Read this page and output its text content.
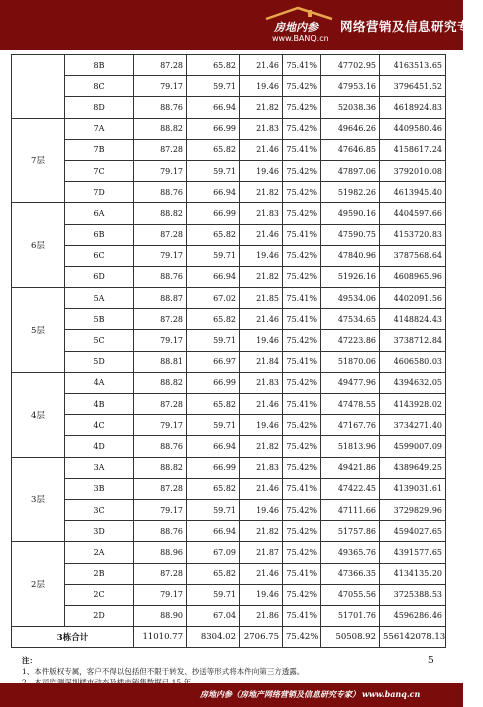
房地内参
www.BANQ.cn
网络营销及信息研究专家
	8B	87.28	65.82	21.46	75.41%	47702.95	4163513.65
	8C	79.17	59.71	19.46	75.42%	47953.16	3796451.52
	8D	88.76	66.94	21.82	75.42%	52038.36	4618924.83
7层	7A	88.82	66.99	21.83	75.42%	49646.26	4409580.46
	7B	87.28	65.82	21.46	75.41%	47646.85	4158617.24
	7C	79.17	59.71	19.46	75.42%	47897.06	3792010.08
	7D	88.76	66.94	21.82	75.42%	51982.26	4613945.40
6层	6A	88.82	66.99	21.83	75.42%	49590.16	4404597.66
	6B	87.28	65.82	21.46	75.41%	47590.75	4153720.83
	6C	79.17	59.71	19.46	75.42%	47840.96	3787568.64
	6D	88.76	66.94	21.82	75.42%	51926.16	4608965.96
5层	5A	88.87	67.02	21.85	75.41%	49534.06	4402091.56
	5B	87.28	65.82	21.46	75.41%	47534.65	4148824.43
	5C	79.17	59.71	19.46	75.42%	47223.86	3738712.84
	5D	88.81	66.97	21.84	75.41%	51870.06	4606580.03
4层	4A	88.82	66.99	21.83	75.42%	49477.96	4394632.05
	4B	87.28	65.82	21.46	75.41%	47478.55	4143928.02
	4C	79.17	59.71	19.46	75.42%	47167.76	3734271.40
	4D	88.76	66.94	21.82	75.42%	51813.96	4599007.09
3层	3A	88.82	66.99	21.83	75.42%	49421.86	4389649.25
	3B	87.28	65.82	21.46	75.41%	47422.45	4139031.61
	3C	79.17	59.71	19.46	75.42%	47111.66	3729829.96
	3D	88.76	66.94	21.82	75.42%	51757.86	4594027.65
2层	2A	88.96	67.09	21.87	75.42%	49365.76	4391577.65
	2B	87.28	65.82	21.46	75.41%	47366.35	4134135.20
	2C	79.17	59.71	19.46	75.42%	47055.56	3725388.53
	2D	88.90	67.04	21.86	75.41%	51701.76	4596286.46
3栋合计		11010.77	8304.02	2706.75	75.42%	50508.92	556142078.13
注：
1、本件版权专属，客户不得以包括但不限于转发、抄送等形式将本件向第三方透露。
5
房地内参（房地产网络营销及信息研究专家） www.banq.cn
